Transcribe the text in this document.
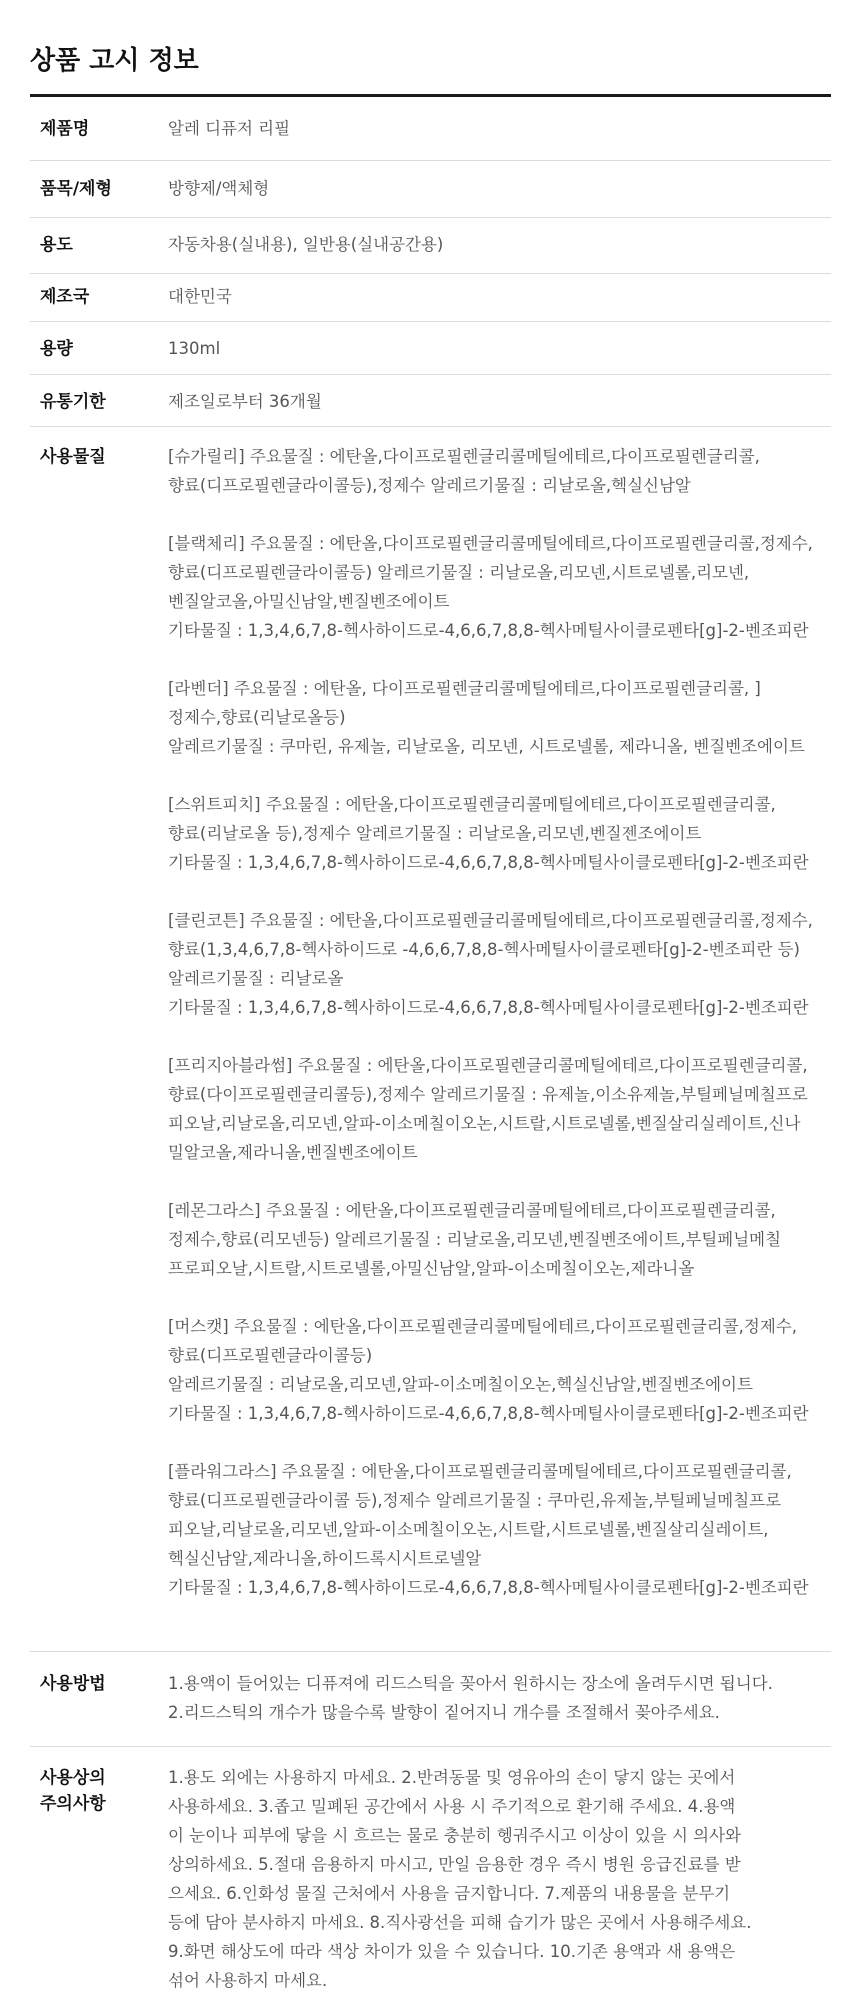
상품 고시 정보
제품명	알레 디퓨저 리필
품목/제형	방향제/액체형
용도	자동차용(실내용), 일반용(실내공간용)
제조국	대한민국
용량	130ml
유통기한	제조일로부터 36개월
사용물질	[슈가릴리] 주요물질 : 에탄올,다이프로필렌글리콜메틸에테르,다이프로필렌글리콜,
향료(디프로필렌글라이콜등),정제수 알레르기물질 : 리날로올,헥실신남알
[블랙체리] 주요물질 : 에탄올,다이프로필렌글리콜메틸에테르,다이프로필렌글리콜,정제수,
향료(디프로필렌글라이콜등) 알레르기물질 : 리날로올,리모넨,시트로넬롤,리모넨,
벤질알코올,아밀신남알,벤질벤조에이트
기타물질 : 1,3,4,6,7,8-헥사하이드로-4,6,6,7,8,8-헥사메틸사이클로펜타[g]-2-벤조피란
[라벤더] 주요물질 : 에탄올, 다이프로필렌글리콜메틸에테르,다이프로필렌글리콜, ]
정제수,향료(리날로올등)
알레르기물질 : 쿠마린, 유제놀, 리날로올, 리모넨, 시트로넬롤, 제라니올, 벤질벤조에이트
[스위트피치] 주요물질 : 에탄올,다이프로필렌글리콜메틸에테르,다이프로필렌글리콜,
향료(리날로올 등),정제수 알레르기물질 : 리날로올,리모넨,벤질젠조에이트
기타물질 : 1,3,4,6,7,8-헥사하이드로-4,6,6,7,8,8-헥사메틸사이클로펜타[g]-2-벤조피란
[클린코튼] 주요물질 : 에탄올,다이프로필렌글리콜메틸에테르,다이프로필렌글리콜,정제수,
향료(1,3,4,6,7,8-헥사하이드로 -4,6,6,7,8,8-헥사메틸사이클로펜타[g]-2-벤조피란 등)
알레르기물질 : 리날로올
기타물질 : 1,3,4,6,7,8-헥사하이드로-4,6,6,7,8,8-헥사메틸사이클로펜타[g]-2-벤조피란
[프리지아블라썸] 주요물질 : 에탄올,다이프로필렌글리콜메틸에테르,다이프로필렌글리콜,
향료(다이프로필렌글리콜등),정제수 알레르기물질 : 유제놀,이소유제놀,부틸페닐메칠프로
피오날,리날로올,리모넨,알파-이소메칠이오논,시트랄,시트로넬롤,벤질살리실레이트,신나
밀알코올,제라니올,벤질벤조에이트
[레몬그라스] 주요물질 : 에탄올,다이프로필렌글리콜메틸에테르,다이프로필렌글리콜,
정제수,향료(리모넨등) 알레르기물질 : 리날로올,리모넨,벤질벤조에이트,부틸페닐메칠
프로피오날,시트랄,시트로넬롤,아밀신남알,알파-이소메칠이오논,제라니올
[머스캣] 주요물질 : 에탄올,다이프로필렌글리콜메틸에테르,다이프로필렌글리콜,정제수,
향료(디프로필렌글라이콜등)
알레르기물질 : 리날로올,리모넨,알파-이소메칠이오논,헥실신남알,벤질벤조에이트
기타물질 : 1,3,4,6,7,8-헥사하이드로-4,6,6,7,8,8-헥사메틸사이클로펜타[g]-2-벤조피란
[플라워그라스] 주요물질 : 에탄올,다이프로필렌글리콜메틸에테르,다이프로필렌글리콜,
향료(디프로필렌글라이콜 등),정제수 알레르기물질 : 쿠마린,유제놀,부틸페닐메칠프로
피오날,리날로올,리모넨,알파-이소메칠이오논,시트랄,시트로넬롤,벤질살리실레이트,
헥실신남알,제라니올,하이드록시시트로넬알
기타물질 : 1,3,4,6,7,8-헥사하이드로-4,6,6,7,8,8-헥사메틸사이클로펜타[g]-2-벤조피란
사용방법	1.용액이 들어있는 디퓨져에 리드스틱을 꽂아서 원하시는 장소에 올려두시면 됩니다.
2.리드스틱의 개수가 많을수록 발향이 짙어지니 개수를 조절해서 꽂아주세요.
사용상의
주의사항
1.용도 외에는 사용하지 마세요. 2.반려동물 및 영유아의 손이 닿지 않는 곳에서
사용하세요. 3.좁고 밀폐된 공간에서 사용 시 주기적으로 환기해 주세요. 4.용액
이 눈이나 피부에 닿을 시 흐르는 물로 충분히 헹궈주시고 이상이 있을 시 의사와
상의하세요. 5.절대 음용하지 마시고, 만일 음용한 경우 즉시 병원 응급진료를 받
으세요. 6.인화성 물질 근처에서 사용을 금지합니다. 7.제품의 내용물을 분무기
등에 담아 분사하지 마세요. 8.직사광선을 피해 습기가 많은 곳에서 사용해주세요.
9.화면 해상도에 따라 색상 차이가 있을 수 있습니다. 10.기존 용액과 새 용액은
섞어 사용하지 마세요.
